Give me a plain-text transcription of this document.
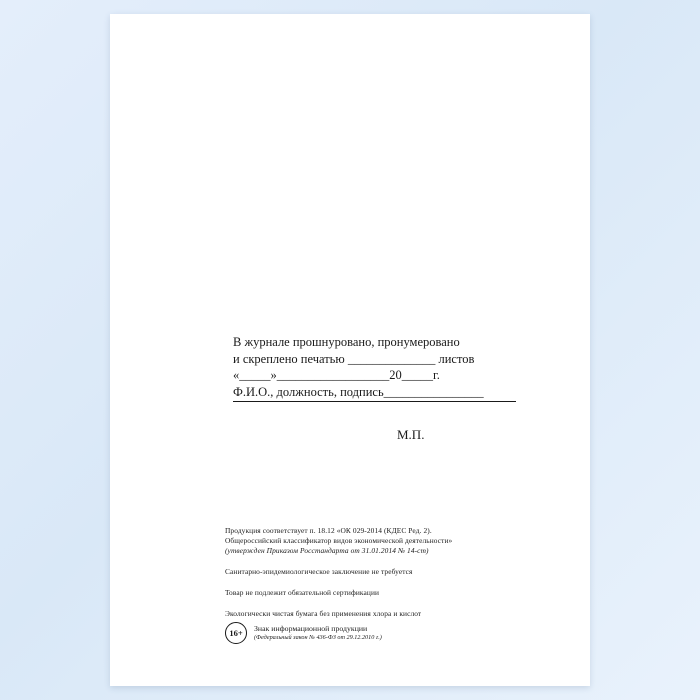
В журнале прошнуровано, пронумеровано
и скреплено печатью ______________ листов
«_____»__________________20_____г.
Ф.И.О., должность, подпись________________
М.П.

Продукция соответствует п. 18.12 «ОК 029-2014 (КДЕС Ред. 2).

Общероссийский классификатор видов экономической деятельности»

(утвержден Приказом Росстандарта от 31.01.2014 № 14-ст)

Санитарно-эпидемиологическое заключение не требуется

Товар не подлежит обязательной сертификации

Экологически чистая бумага без применения хлора и кислот

16+	Знак информационной продукции
(Федеральный закон № 436-ФЗ от 29.12.2010 г.)
